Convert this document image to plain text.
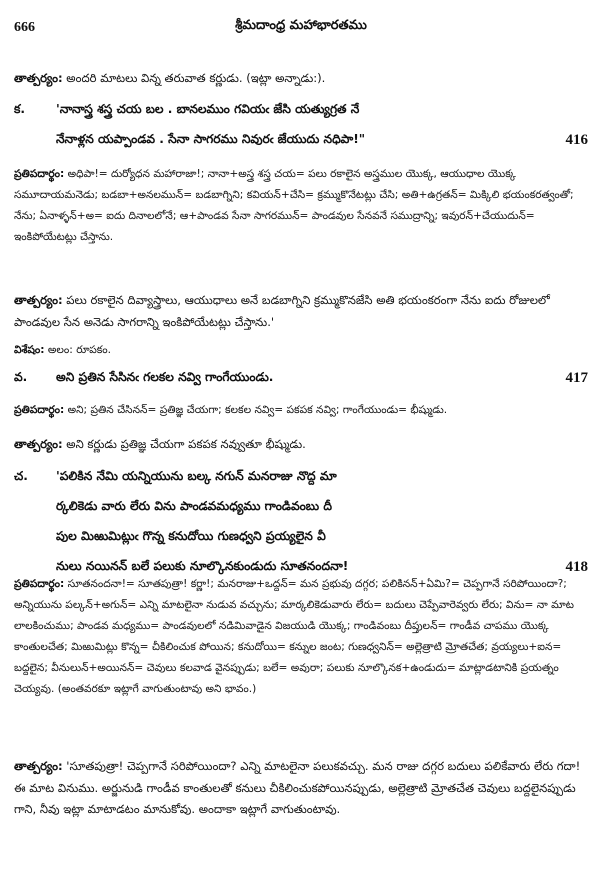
666	శ్రీమదాంధ్ర మహాభారతము

తాత్పర్యం: అందరి మాటలు విన్న తరువాత కర్ణుడు. (ఇట్లా అన్నాడు:).

క.	'నానాస్త్ర శస్త్ర చయ బల . బానలముం గవియఁ జేసి యత్యుగ్రత నే
నేనాళ్లన యప్పాండవ . సేనా సాగరము నివురఁ జేయుదు నధిపా!"	416

ప్రతిపదార్థం: అధిపా!= దుర్యోధన మహారాజా!; నానా+అస్త్ర శస్త్ర చయ= పలు రకాలైన అస్త్రముల యొక్క, ఆయుధాల యొక్క సమూదాయమనెడు; బడబా+అనలమున్= బడబాగ్నిని; కవియన్+చేసి= క్రమ్ముకొనేటట్లు చేసి; అతి+ఉగ్రతన్= మిక్కిలి భయంకరత్వంతో; నేను; ఏనాళ్ళన్+అ= ఐదు దినాలలోనే; ఆ+పాండవ సేనా సాగరమున్= పాండవుల సేనవనే సముద్రాన్ని; ఇవురన్+చేయుదున్= ఇంకిపోయేటట్లు చేస్తాను.

తాత్పర్యం: పలు రకాలైన దివ్యాస్త్రాలు, ఆయుధాలు అనే బడబాగ్నిని క్రమ్ముకొనజేసి అతి భయంకరంగా నేను ఐదు రోజులలో పాండవుల సేన అనెడు సాగరాన్ని ఇంకిపోయేటట్లు చేస్తాను.'

విశేషం: అలం: రూపకం.

వ. అని ప్రతిన సేసినఁ గలకల నవ్వి గాంగేయుండు.	417

ప్రతిపదార్థం: అని; ప్రతిన చేసినన్= ప్రతిజ్ఞ చేయగా; కలకల నవ్వి= పకపక నవ్వి; గాంగేయుండు= భీష్ముడు.

తాత్పర్యం: అని కర్ణుడు ప్రతిజ్ఞ చేయగా పకపక నవ్వుతూ భీష్ముడు.

చ. 'పలికిన నేమి యన్నియును బల్క నగున్ మనరాజు నొద్ద మా
ర్కలికెడు వారు లేరు విను పాండవమధ్యము గాండివంబు దీ
పుల మిఱుమిట్లుఁ గొన్న కనుదోయి గుణధ్వని ప్రయ్యలైన వీ
నులు నయినన్ బలే పలుకు నూల్కొనకుండుదు సూతనందనా!	418

ప్రతిపదార్థం: సూతనందనా!= సూతపుత్రా! కర్ణా!; మనరాజు+ఒద్దన్= మన ప్రభువు దగ్గర; పలికినన్+ఏమి?= చెప్పగానే సరిపోయిందా?; అన్నియును పల్కన్+అగున్= ఎన్ని మాటలైనా నుడువ వచ్చును; మార్కలికెడువారు లేరు= బదులు చెప్పేవారెవ్వరు లేరు; విను= నా మాట లాలకించుము; పాండవ మధ్యము= పాండవులలో నడిమివాడైన విజయుడి యొక్క; గాండివంబు దీప్తులన్= గాండీవ చాపము యొక్క కాంతులచేత; మిఱుమిట్లు కొన్న= చీకిలించుక పోయిన; కనుదోయి= కన్నుల జంట; గుణధ్వనిన్= అల్లెత్రాటి మ్రోతచేత; వ్రయ్యలు+ఐన= బద్దలైన; వీనులున్+అయినన్= చెవులు కలవాడ వైనప్పుడు; బలే= అవురా; పలుకు నూల్కొనక+ఉండుదు= మాట్లాడటానికి ప్రయత్నం చెయ్యవు. (అంతవరకూ ఇట్లాగే వాగుతుంటావు అని భావం.)

తాత్పర్యం: 'సూతపుత్రా! చెప్పగానే సరిపోయిందా? ఎన్ని మాటలైనా పలుకవచ్చు. మన రాజు దగ్గర బదులు పలికేవారు లేరు గదా! ఈ మాట వినుము. అర్జునుడి గాండీవ కాంతులతో కనులు చీకిలించుకపోయినప్పుడు, అల్లెత్రాటి మ్రోతచేత చెవులు బద్దలైనప్పుడు గాని, నీవు ఇట్లా మాటాడటం మానుకోవు. అందాకా ఇట్లాగే వాగుతుంటావు.
